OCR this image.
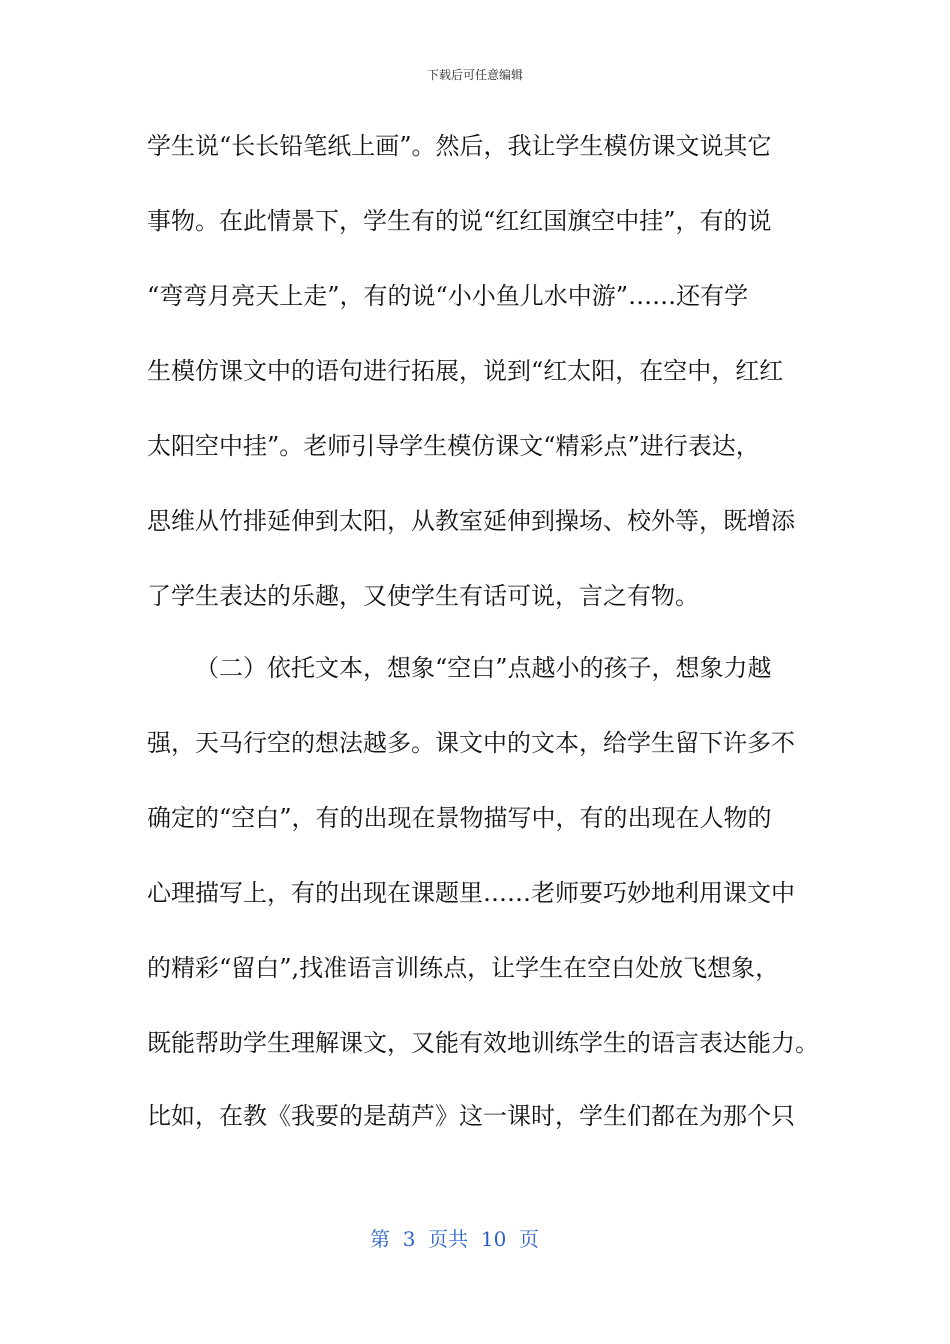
下载后可任意编辑
学生说“长长铅笔纸上画”。然后，我让学生模仿课文说其它
事物。在此情景下，学生有的说“红红国旗空中挂”，有的说
“弯弯月亮天上走”，有的说“小小鱼儿水中游”……还有学
生模仿课文中的语句进行拓展，说到“红太阳，在空中，红红
太阳空中挂”。老师引导学生模仿课文“精彩点”进行表达，
思维从竹排延伸到太阳，从教室延伸到操场、校外等，既增添
了学生表达的乐趣，又使学生有话可说，言之有物。
（二）依托文本，想象“空白”点越小的孩子，想象力越
强，天马行空的想法越多。课文中的文本，给学生留下许多不
确定的“空白”，有的出现在景物描写中，有的出现在人物的
心理描写上，有的出现在课题里……老师要巧妙地利用课文中
的精彩“留白”,找准语言训练点，让学生在空白处放飞想象，
既能帮助学生理解课文，又能有效地训练学生的语言表达能力。
比如，在教《我要的是葫芦》这一课时，学生们都在为那个只
第  3  页共  10  页
